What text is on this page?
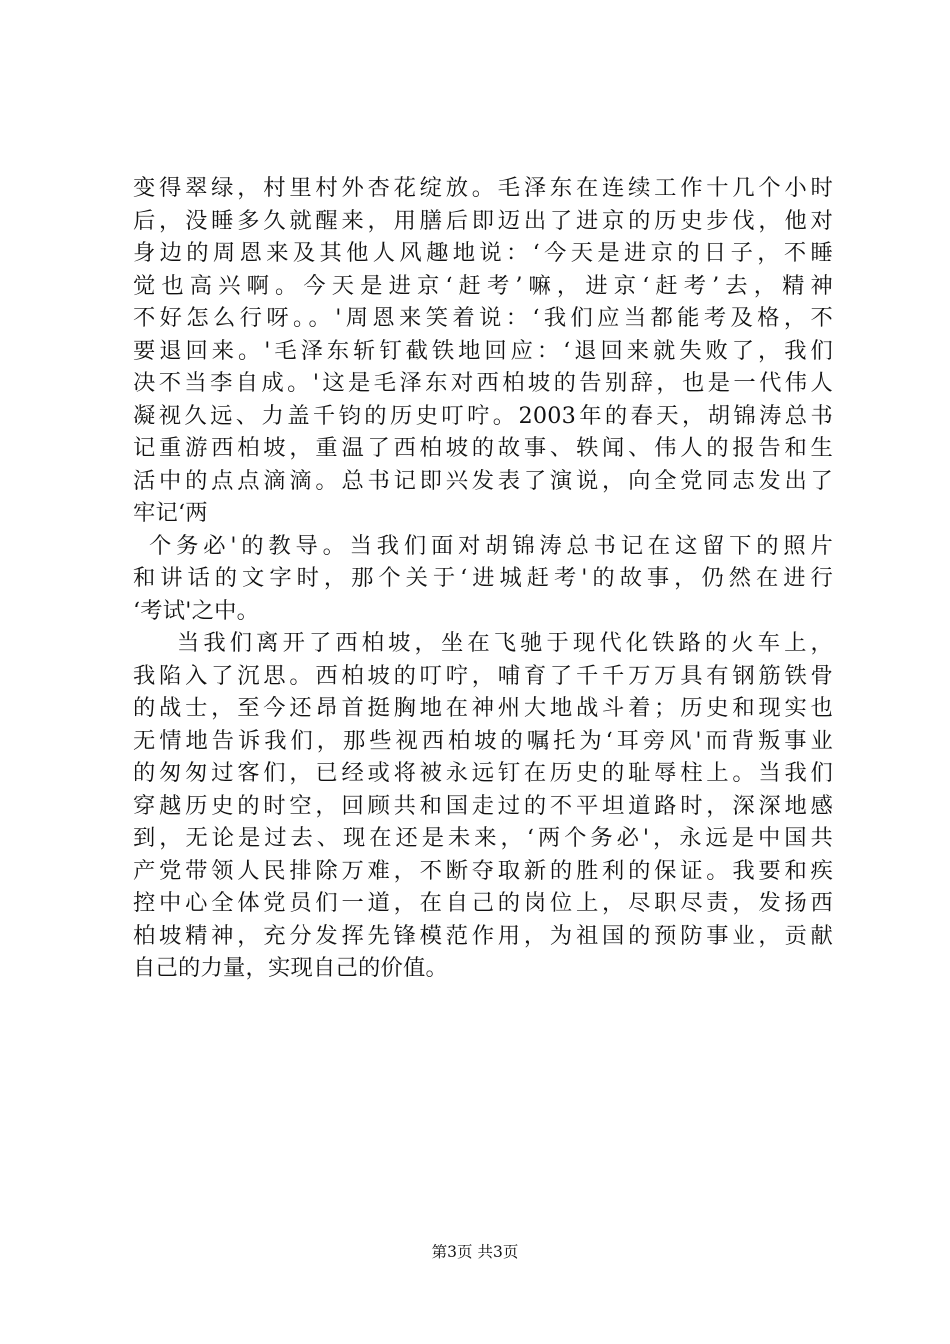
变得翠绿，村里村外杏花绽放。毛泽东在连续工作十几个小时
后，没睡多久就醒来，用膳后即迈出了进京的历史步伐，他对
身边的周恩来及其他人风趣地说：‘今天是进京的日子，不睡
觉也高兴啊。今天是进京‘赶考’嘛，进京‘赶考’去，精神
不好怎么行呀。。'周恩来笑着说：‘我们应当都能考及格，不
要退回来。'毛泽东斩钉截铁地回应：‘退回来就失败了，我们
决不当李自成。'这是毛泽东对西柏坡的告别辞，也是一代伟人
凝视久远、力盖千钧的历史叮咛。2003年的春天，胡锦涛总书
记重游西柏坡，重温了西柏坡的故事、轶闻、伟人的报告和生
活中的点点滴滴。总书记即兴发表了演说，向全党同志发出了
牢记‘两
个务必'的教导。当我们面对胡锦涛总书记在这留下的照片
和讲话的文字时，那个关于‘进城赶考'的故事，仍然在进行
‘考试'之中。
当我们离开了西柏坡，坐在飞驰于现代化铁路的火车上，
我陷入了沉思。西柏坡的叮咛，哺育了千千万万具有钢筋铁骨
的战士，至今还昂首挺胸地在神州大地战斗着；历史和现实也
无情地告诉我们，那些视西柏坡的嘱托为‘耳旁风'而背叛事业
的匆匆过客们，已经或将被永远钉在历史的耻辱柱上。当我们
穿越历史的时空，回顾共和国走过的不平坦道路时，深深地感
到，无论是过去、现在还是未来，‘两个务必'，永远是中国共
产党带领人民排除万难，不断夺取新的胜利的保证。我要和疾
控中心全体党员们一道，在自己的岗位上，尽职尽责，发扬西
柏坡精神，充分发挥先锋模范作用，为祖国的预防事业，贡献
自己的力量，实现自己的价值。
第3页 共3页
